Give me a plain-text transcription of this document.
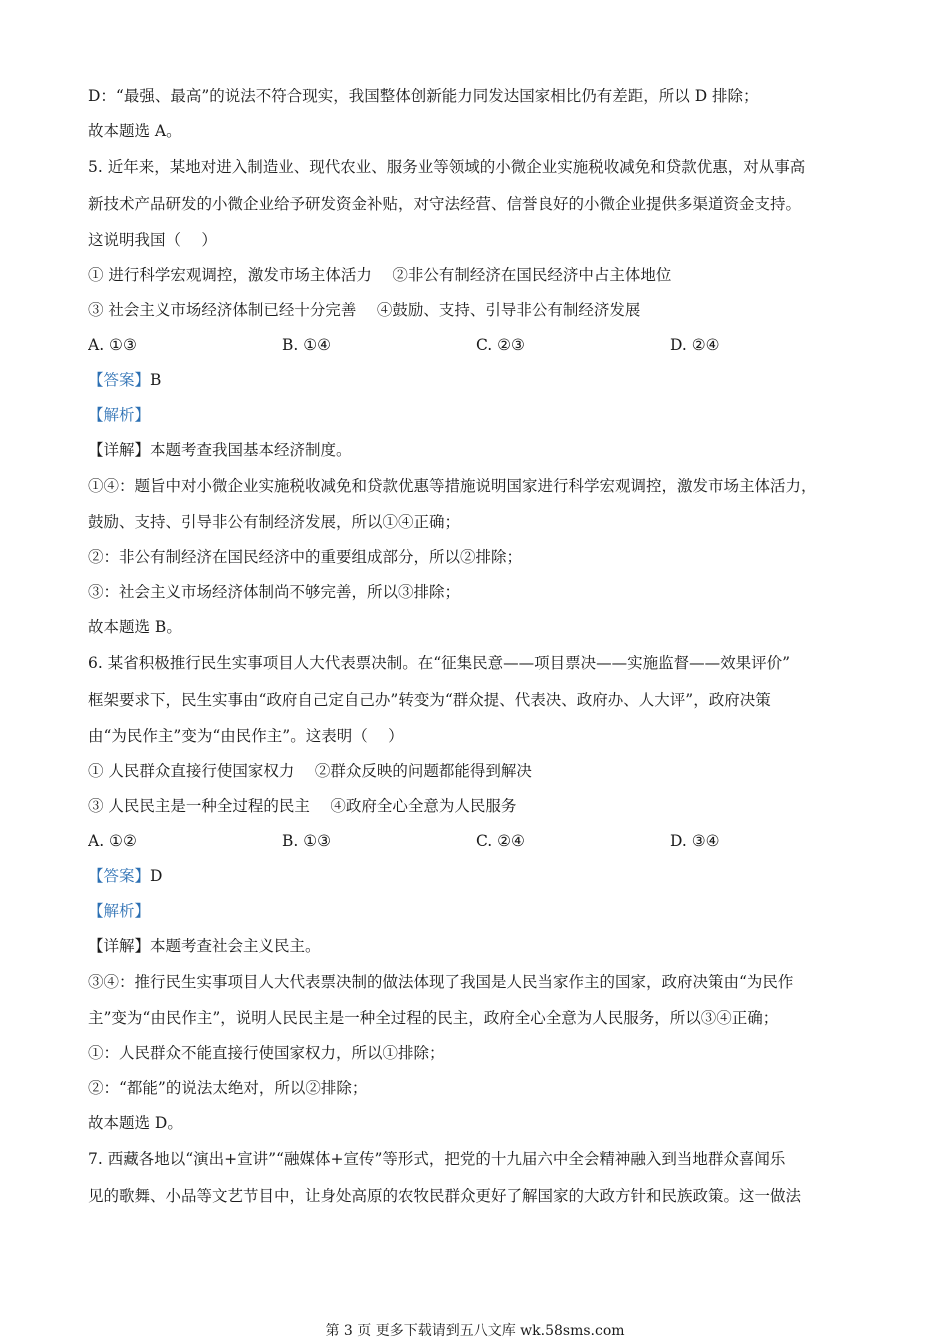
D：“最强、最高”的说法不符合现实，我国整体创新能力同发达国家相比仍有差距，所以 D 排除；
故本题选 A。
5. 近年来，某地对进入制造业、现代农业、服务业等领域的小微企业实施税收减免和贷款优惠，对从事高
新技术产品研发的小微企业给予研发资金补贴，对守法经营、信誉良好的小微企业提供多渠道资金支持。
这说明我国（　 ）
① 进行科学宏观调控，激发市场主体活力　 ②非公有制经济在国民经济中占主体地位
③ 社会主义市场经济体制已经十分完善　 ④鼓励、支持、引导非公有制经济发展
A. ①③	B. ①④	C. ②③	D. ②④
【答案】B
【解析】
【详解】本题考查我国基本经济制度。
①④：题旨中对小微企业实施税收减免和贷款优惠等措施说明国家进行科学宏观调控，激发市场主体活力，
鼓励、支持、引导非公有制经济发展，所以①④正确；
②：非公有制经济在国民经济中的重要组成部分，所以②排除；
③：社会主义市场经济体制尚不够完善，所以③排除；
故本题选 B。
6. 某省积极推行民生实事项目人大代表票决制。在“征集民意——项目票决——实施监督——效果评价”
框架要求下，民生实事由“政府自己定自己办”转变为“群众提、代表决、政府办、人大评”，政府决策
由“为民作主”变为“由民作主”。这表明（　 ）
① 人民群众直接行使国家权力　 ②群众反映的问题都能得到解决
③ 人民民主是一种全过程的民主　 ④政府全心全意为人民服务
A. ①②	B. ①③	C. ②④	D. ③④
【答案】D
【解析】
【详解】本题考查社会主义民主。
③④：推行民生实事项目人大代表票决制的做法体现了我国是人民当家作主的国家，政府决策由“为民作
主”变为“由民作主”，说明人民民主是一种全过程的民主，政府全心全意为人民服务，所以③④正确；
①：人民群众不能直接行使国家权力，所以①排除；
②：“都能”的说法太绝对，所以②排除；
故本题选 D。
7. 西藏各地以“演出+宣讲”“融媒体+宣传”等形式，把党的十九届六中全会精神融入到当地群众喜闻乐
见的歌舞、小品等文艺节目中，让身处高原的农牧民群众更好了解国家的大政方针和民族政策。这一做法
第 3 页 更多下载请到五八文库 wk.58sms.com
